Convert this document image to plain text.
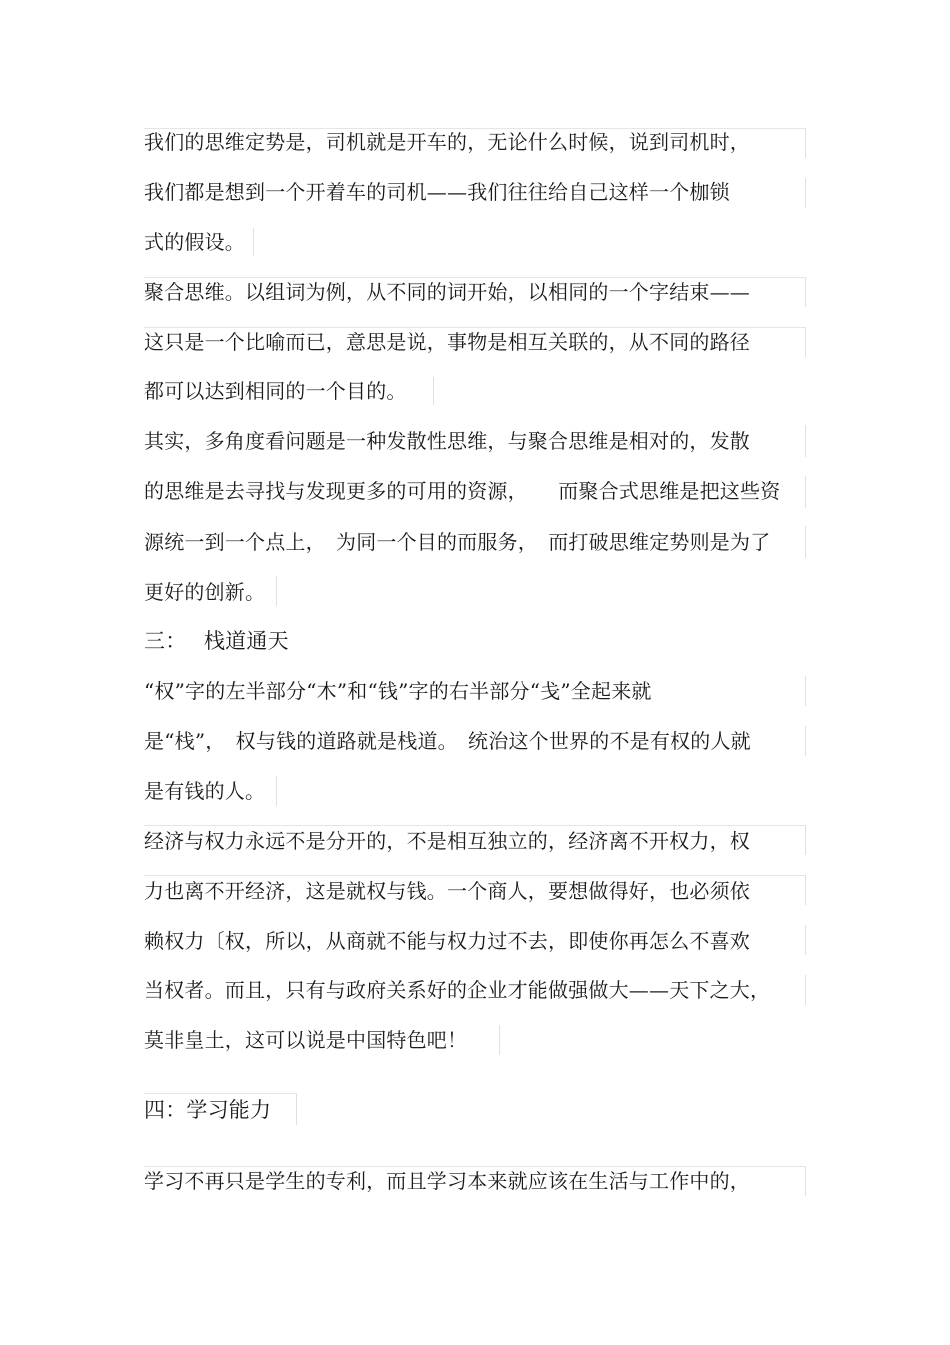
我们的思维定势是，司机就是开车的，无论什么时候，说到司机时，
我们都是想到一个开着车的司机——我们往往给自己这样一个枷锁
式的假设。
聚合思维。以组词为例，从不同的词开始，以相同的一个字结束——
这只是一个比喻而已，意思是说，事物是相互关联的，从不同的路径
都可以达到相同的一个目的。
其实，多角度看问题是一种发散性思维，与聚合思维是相对的，发散
的思维是去寻找与发现更多的可用的资源，　　而聚合式思维是把这些资
源统一到一个点上，　为同一个目的而服务，　而打破思维定势则是为了
更好的创新。
三：　 栈道通天
“权”字的左半部分“木”和“钱”字的右半部分“戋”全起来就
是“栈”，　权与钱的道路就是栈道。　统治这个世界的不是有权的人就
是有钱的人。
经济与权力永远不是分开的，不是相互独立的，经济离不开权力，权
力也离不开经济，这是就权与钱。一个商人，要想做得好，也必须依
赖权力〔权，所以，从商就不能与权力过不去，即使你再怎么不喜欢
当权者。而且，只有与政府关系好的企业才能做强做大——天下之大，
莫非皇土，这可以说是中国特色吧！
四：学习能力
学习不再只是学生的专利，而且学习本来就应该在生活与工作中的，
